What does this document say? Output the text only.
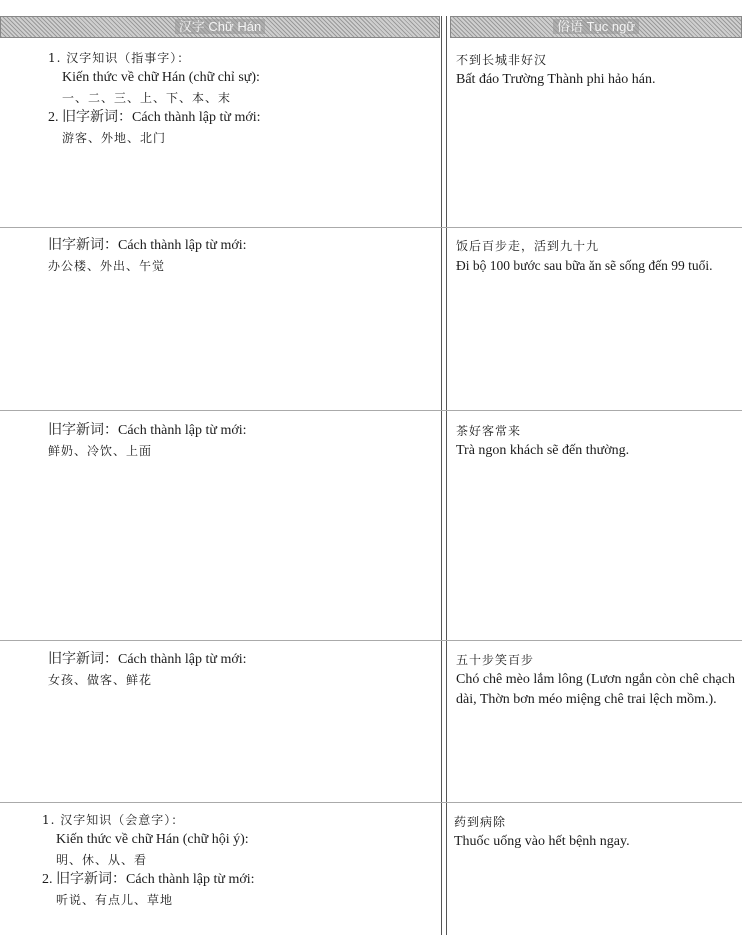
汉字 Chữ Hán	俗语 Tục ngữ
1. 汉字知识（指事字）：
Kiến thức về chữ Hán (chữ chỉ sự):
一、二、三、上、下、本、末
2. 旧字新词：Cách thành lập từ mới:
游客、外地、北门
不到长城非好汉
Bất đáo Trường Thành phi hảo hán.
旧字新词：Cách thành lập từ mới:
办公楼、外出、午觉
饭后百步走，活到九十九
Đi bộ 100 bước sau bữa ăn sẽ sống đến 99 tuổi.
旧字新词：Cách thành lập từ mới:
鲜奶、冷饮、上面
茶好客常来
Trà ngon khách sẽ đến thường.
旧字新词：Cách thành lập từ mới:
女孩、做客、鲜花
五十步笑百步
Chó chê mèo lắm lông (Lươn ngắn còn chê chạch dài, Thờn bơn méo miệng chê trai lệch mồm.).
1. 汉字知识（会意字）：
Kiến thức về chữ Hán (chữ hội ý):
明、休、从、看
2. 旧字新词：Cách thành lập từ mới:
听说、有点儿、草地
药到病除
Thuốc uống vào hết bệnh ngay.
